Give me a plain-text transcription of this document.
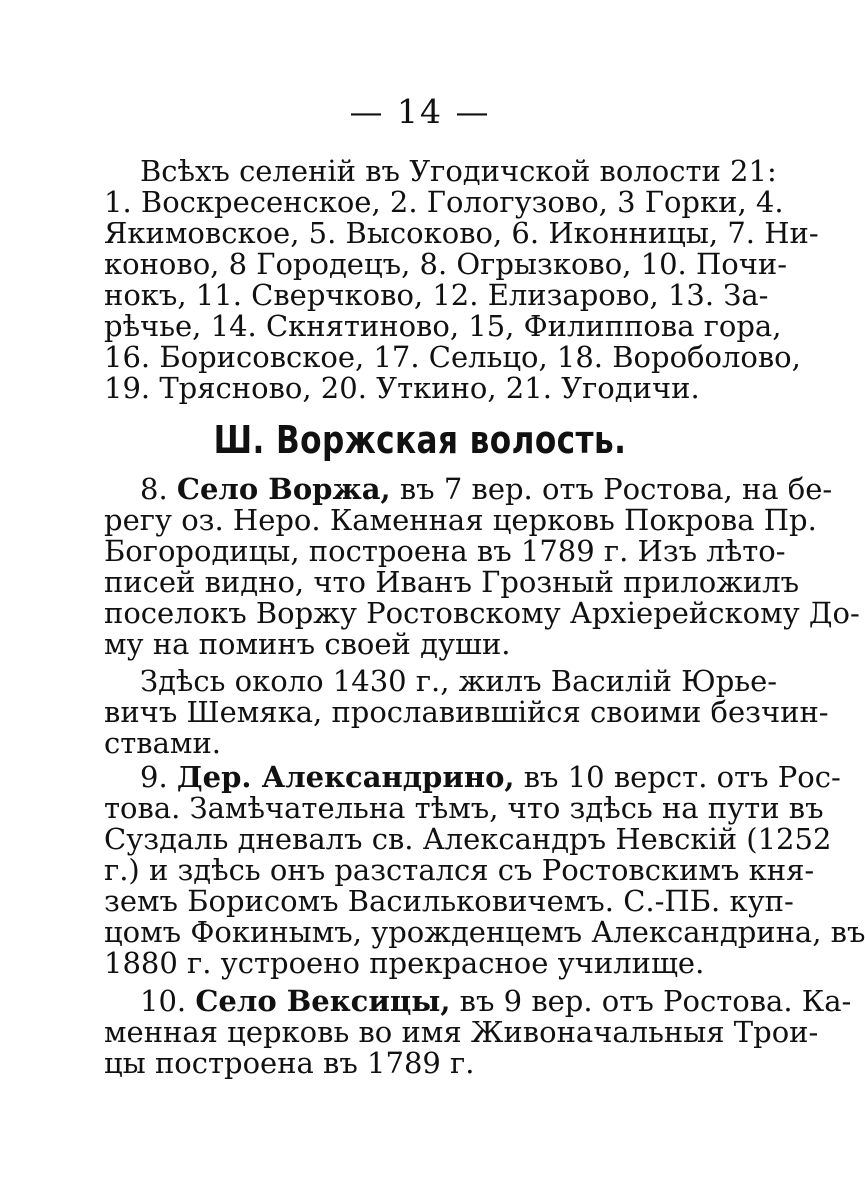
— 14 —
Всѣхъ селеній въ Угодичской волости 21:
1. Воскресенское, 2. Гологузово, 3 Горки, 4.
Якимовское, 5. Высоково, 6. Иконницы, 7. Ни-
коново, 8 Городецъ, 8. Огрызково, 10. Почи-
нокъ, 11. Сверчково, 12. Елизарово, 13. За-
рѣчье, 14. Скнятиново, 15, Филиппова гора,
16. Борисовское, 17. Сельцо, 18. Вороболово,
19. Трясново, 20. Уткино, 21. Угодичи.
Ш. Воржская волость.
8. Село Воржа, въ 7 вер. отъ Ростова, на бе-
регу оз. Неро. Каменная церковь Покрова Пр.
Богородицы, построена въ 1789 г. Изъ лѣто-
писей видно, что Иванъ Грозный приложилъ
поселокъ Воржу Ростовскому Архіерейскому До-
му на поминъ своей души.
Здѣсь около 1430 г., жилъ Василій Юрье-
вичъ Шемяка, прославившійся своими безчин-
ствами.
9. Дер. Александрино, въ 10 верст. отъ Рос-
това. Замѣчательна тѣмъ, что здѣсь на пути въ
Суздаль дневалъ св. Александръ Невскій (1252
г.) и здѣсь онъ разстался съ Ростовскимъ кня-
земъ Борисомъ Васильковичемъ. С.-ПБ. куп-
цомъ Фокинымъ, урожденцемъ Александрина, въ
1880 г. устроено прекрасное училище.
10. Село Вексицы, въ 9 вер. отъ Ростова. Ка-
менная церковь во имя Живоначальныя Трои-
цы построена въ 1789 г.
